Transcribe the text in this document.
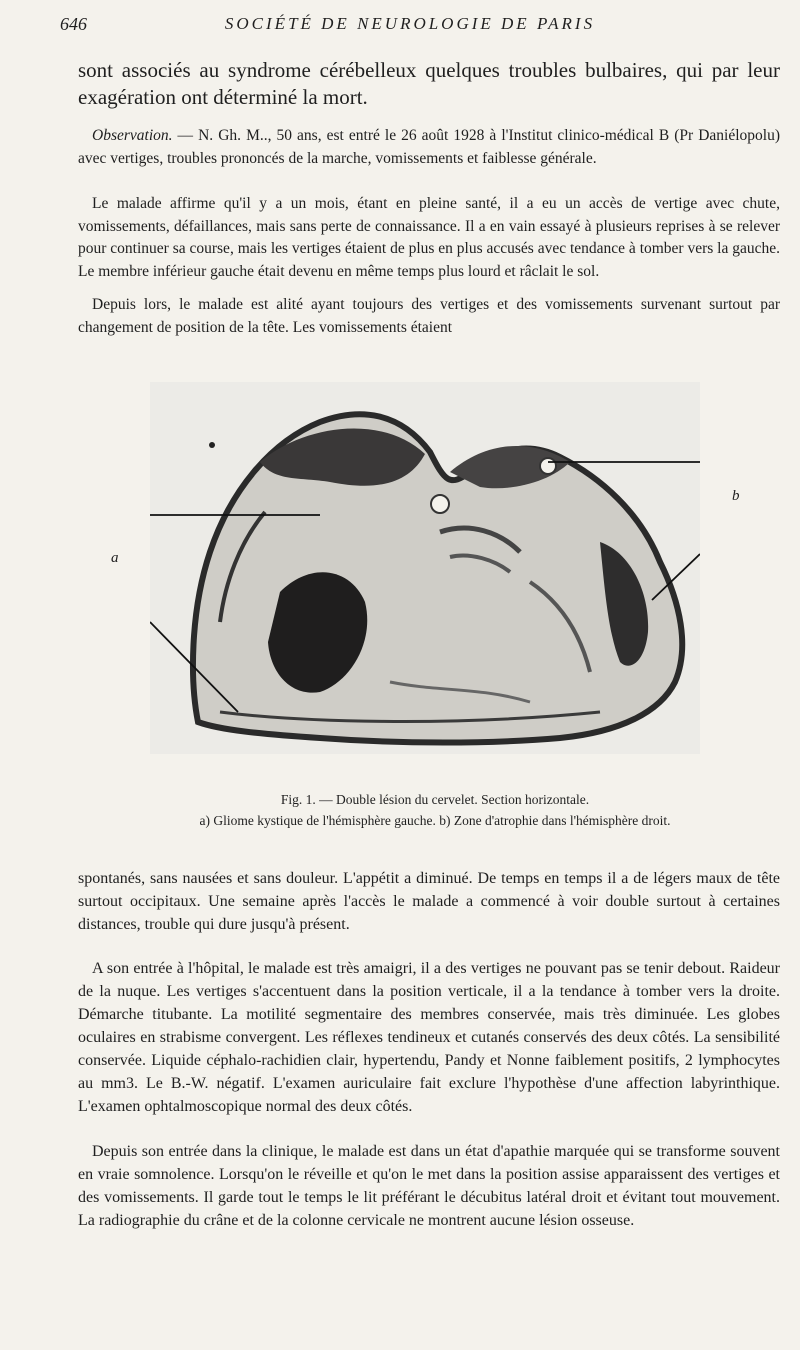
646	SOCIÉTÉ DE NEUROLOGIE DE PARIS

sont associés au syndrome cérébelleux quelques troubles bulbaires, qui par leur exagération ont déterminé la mort.

Observation. — N. Gh. M.., 50 ans, est entré le 26 août 1928 à l'Institut clinico-médical B (Pr Daniélopolu) avec vertiges, troubles prononcés de la marche, vomissements et faiblesse générale.

Le malade affirme qu'il y a un mois, étant en pleine santé, il a eu un accès de vertige avec chute, vomissements, défaillances, mais sans perte de connaissance. Il a en vain essayé à plusieurs reprises à se relever pour continuer sa course, mais les vertiges étaient de plus en plus accusés avec tendance à tomber vers la gauche. Le membre inférieur gauche était devenu en même temps plus lourd et râclait le sol.

Depuis lors, le malade est alité ayant toujours des vertiges et des vomissements survenant surtout par changement de position de la tête. Les vomissements étaient

a
b
Fig. 1. — Double lésion du cervelet. Section horizontale.
a) Gliome kystique de l'hémisphère gauche. b) Zone d'atrophie dans l'hémisphère droit.

spontanés, sans nausées et sans douleur. L'appétit a diminué. De temps en temps il a de légers maux de tête surtout occipitaux. Une semaine après l'accès le malade a commencé à voir double surtout à certaines distances, trouble qui dure jusqu'à présent.

A son entrée à l'hôpital, le malade est très amaigri, il a des vertiges ne pouvant pas se tenir debout. Raideur de la nuque. Les vertiges s'accentuent dans la position verticale, il a la tendance à tomber vers la droite. Démarche titubante. La motilité segmentaire des membres conservée, mais très diminuée. Les globes oculaires en strabisme convergent. Les réflexes tendineux et cutanés conservés des deux côtés. La sensibilité conservée. Liquide céphalo-rachidien clair, hypertendu, Pandy et Nonne faiblement positifs, 2 lymphocytes au mm3. Le B.-W. négatif. L'examen auriculaire fait exclure l'hypothèse d'une affection labyrinthique. L'examen ophtalmoscopique normal des deux côtés.

Depuis son entrée dans la clinique, le malade est dans un état d'apathie marquée qui se transforme souvent en vraie somnolence. Lorsqu'on le réveille et qu'on le met dans la position assise apparaissent des vertiges et des vomissements. Il garde tout le temps le lit préférant le décubitus latéral droit et évitant tout mouvement. La radiographie du crâne et de la colonne cervicale ne montrent aucune lésion osseuse.
